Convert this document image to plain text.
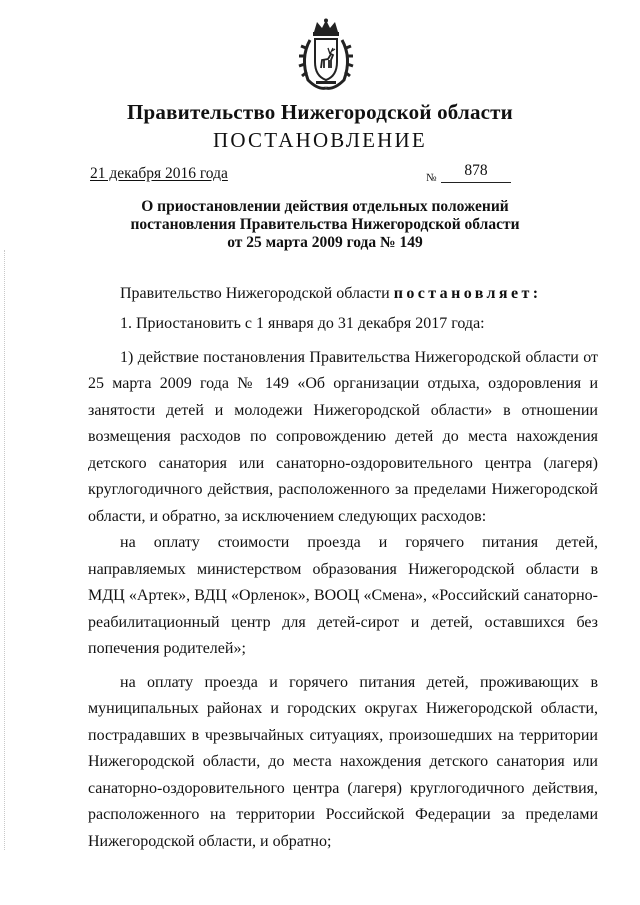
Правительство Нижегородской области
ПОСТАНОВЛЕНИЕ
21 декабря 2016 года	№	878
О приостановлении действия отдельных положений
постановления Правительства Нижегородской области
от 25 марта 2009 года № 149
Правительство Нижегородской области постановляет:

1. Приостановить с 1 января до 31 декабря 2017 года:

1) действие постановления Правительства Нижегородской области от 25 марта 2009 года № 149 «Об организации отдыха, оздоровления и занятости детей и молодежи Нижегородской области» в отношении возмещения расходов по сопровождению детей до места нахождения детского санатория или санаторно-оздоровительного центра (лагеря) круглогодичного действия, расположенного за пределами Нижегородской области, и обратно, за исключением следующих расходов:

на оплату стоимости проезда и горячего питания детей, направляемых министерством образования Нижегородской области в МДЦ «Артек», ВДЦ «Орленок», ВООЦ «Смена», «Российский санаторно-реабилитационный центр для детей-сирот и детей, оставшихся без попечения родителей»;

на оплату проезда и горячего питания детей, проживающих в муниципальных районах и городских округах Нижегородской области, пострадавших в чрезвычайных ситуациях, произошедших на территории Нижегородской области, до места нахождения детского санатория или санаторно-оздоровительного центра (лагеря) круглогодичного действия, расположенного на территории Российской Федерации за пределами Нижегородской области, и обратно;
